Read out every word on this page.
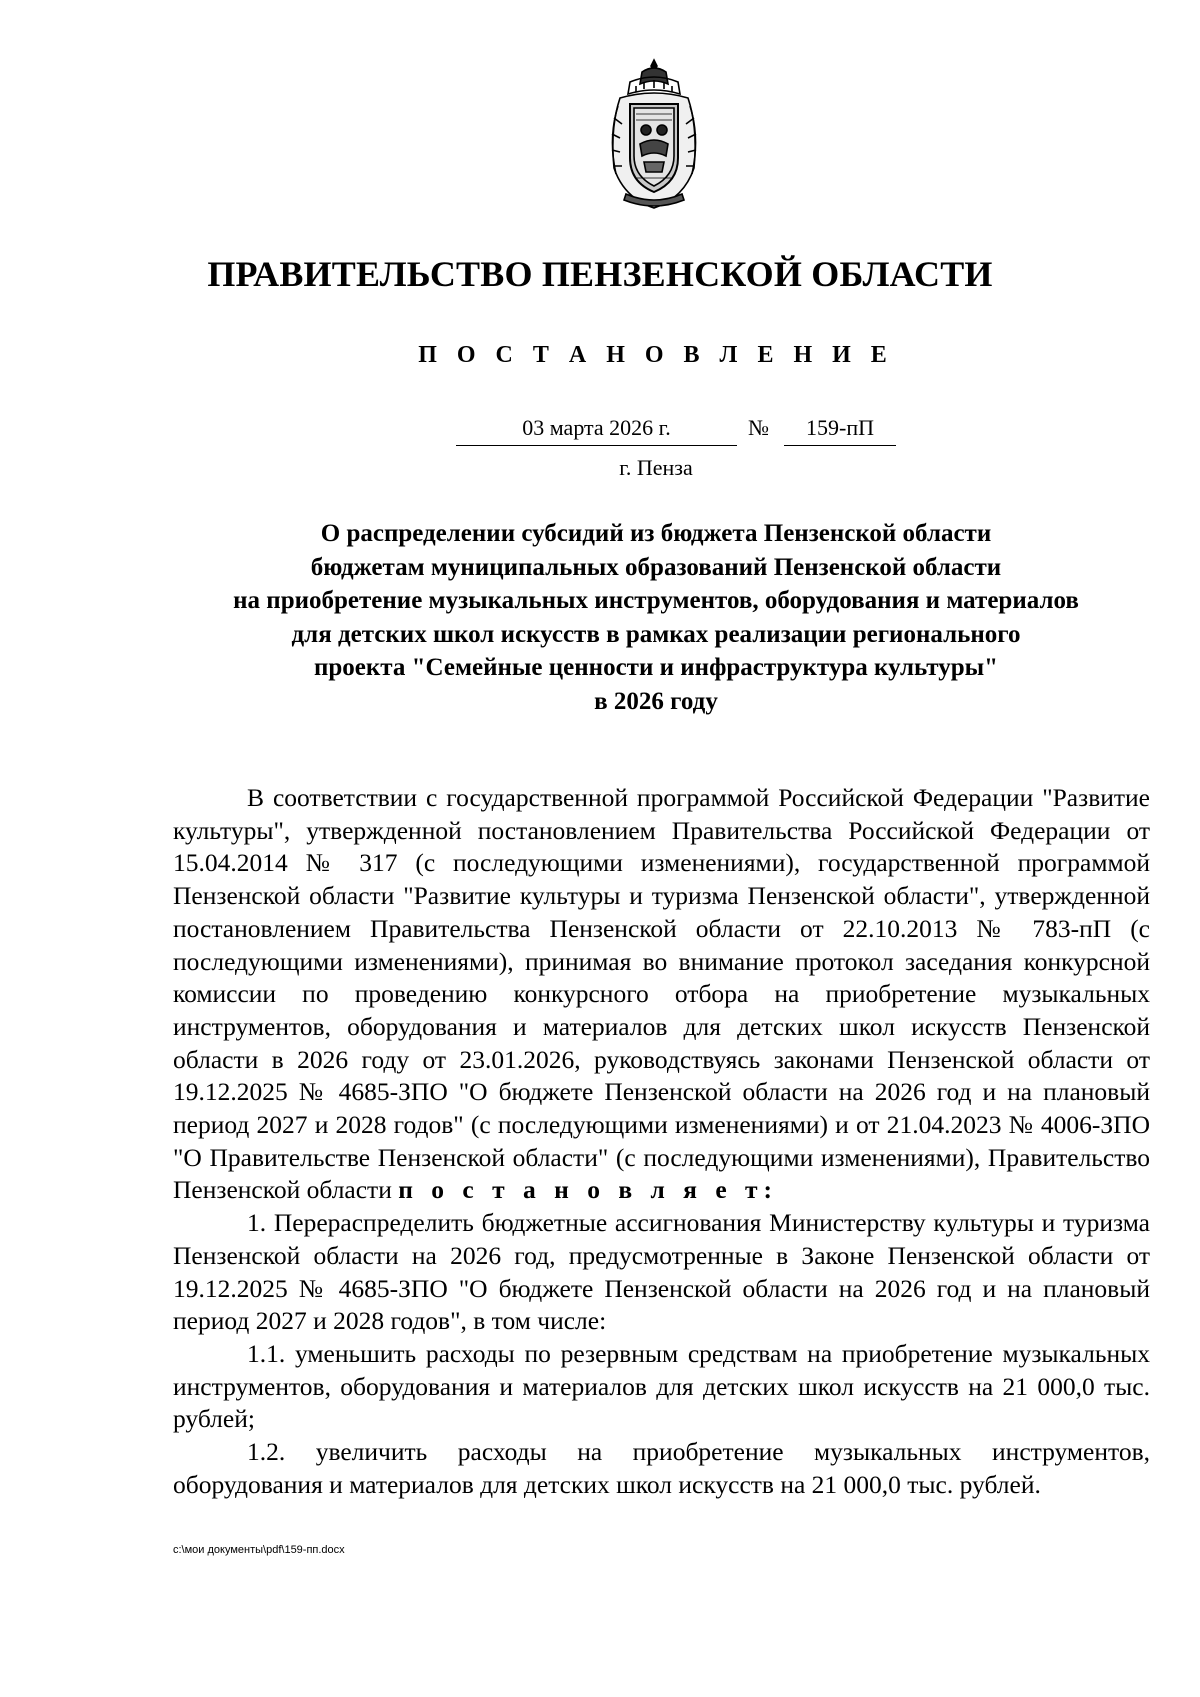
ПРАВИТЕЛЬСТВО ПЕНЗЕНСКОЙ ОБЛАСТИ
П О С Т А Н О В Л Е Н И Е
03 марта 2026 г.	№	159-пП
г. Пенза
О распределении субсидий из бюджета Пензенской области
бюджетам муниципальных образований Пензенской области
на приобретение музыкальных инструментов, оборудования и материалов
для детских школ искусств в рамках реализации регионального
проекта "Семейные ценности и инфраструктура культуры"
в 2026 году

В соответствии с государственной программой Российской Федерации "Развитие культуры", утвержденной постановлением Правительства Российской Федерации от 15.04.2014 № 317 (с последующими изменениями), государственной программой Пензенской области "Развитие культуры и туризма Пензенской области", утвержденной постановлением Правительства Пензенской области от 22.10.2013 № 783-пП (с последующими изменениями), принимая во внимание протокол заседания конкурсной комиссии по проведению конкурсного отбора на приобретение музыкальных инструментов, оборудования и материалов для детских школ искусств Пензенской области в 2026 году от 23.01.2026, руководствуясь законами Пензенской области от 19.12.2025 № 4685-ЗПО "О бюджете Пензенской области на 2026 год и на плановый период 2027 и 2028 годов" (с последующими изменениями) и от 21.04.2023 № 4006-ЗПО "О Правительстве Пензенской области" (с последующими изменениями), Правительство Пензенской области п о с т а н о в л я е т:

1. Перераспределить бюджетные ассигнования Министерству культуры и туризма Пензенской области на 2026 год, предусмотренные в Законе Пензенской области от 19.12.2025 № 4685-ЗПО "О бюджете Пензенской области на 2026 год и на плановый период 2027 и 2028 годов", в том числе:

1.1. уменьшить расходы по резервным средствам на приобретение музыкальных инструментов, оборудования и материалов для детских школ искусств на 21 000,0 тыс. рублей;

1.2. увеличить расходы на приобретение музыкальных инструментов, оборудования и материалов для детских школ искусств на 21 000,0 тыс. рублей.

c:\мои документы\pdf\159-пп.docx
